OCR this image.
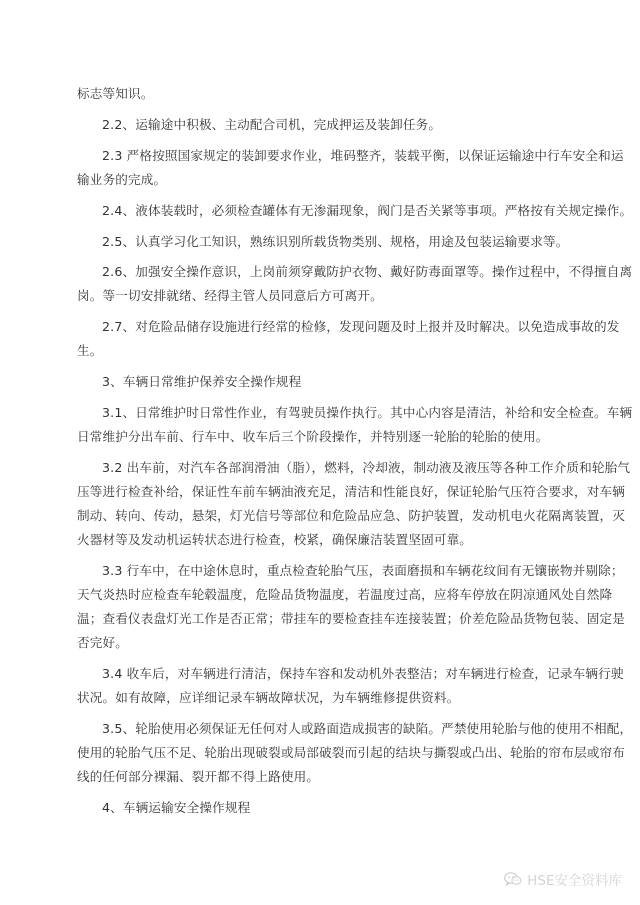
标志等知识。
2.2、运输途中积极、主动配合司机，完成押运及装卸任务。
2.3 严格按照国家规定的装卸要求作业，堆码整齐，装载平衡，以保证运输途中行车安全和运
输业务的完成。
2.4、液体装载时，必须检查罐体有无渗漏现象，阀门是否关紧等事项。严格按有关规定操作。
2.5、认真学习化工知识，熟练识别所载货物类别、规格，用途及包装运输要求等。
2.6、加强安全操作意识，上岗前须穿戴防护衣物、戴好防毒面罩等。操作过程中，不得擅自离
岗。等一切安排就绪、经得主管人员同意后方可离开。
2.7、对危险品储存设施进行经常的检修，发现问题及时上报并及时解决。以免造成事故的发
生。
3、车辆日常维护保养安全操作规程
3.1、日常维护时日常性作业，有驾驶员操作执行。其中心内容是清洁，补给和安全检查。车辆
日常维护分出车前、行车中、收车后三个阶段操作，并特别逐一轮胎的轮胎的使用。
3.2 出车前，对汽车各部润滑油（脂），燃料，冷却液，制动液及液压等各种工作介质和轮胎气
压等进行检查补给，保证性车前车辆油液充足，清洁和性能良好，保证轮胎气压符合要求，对车辆
制动、转向、传动，悬架，灯光信号等部位和危险品应急、防护装置，发动机电火花隔离装置，灭
火器材等及发动机运转状态进行检查，校紧，确保廉洁装置坚固可靠。
3.3 行车中，在中途休息时，重点检查轮胎气压，表面磨损和车辆花纹间有无镶嵌物并剔除；
天气炎热时应检查车轮毂温度，危险品货物温度，若温度过高，应将车停放在阴凉通风处自然降
温；查看仪表盘灯光工作是否正常；带挂车的要检查挂车连接装置；价差危险品货物包装、固定是
否完好。
3.4 收车后，对车辆进行清洁，保持车容和发动机外表整洁；对车辆进行检查，记录车辆行驶
状况。如有故障，应详细记录车辆故障状况，为车辆维修提供资料。
3.5、轮胎使用必须保证无任何对人或路面造成损害的缺陷。严禁使用轮胎与他的使用不相配，
使用的轮胎气压不足、轮胎出现破裂或局部破裂而引起的结块与撕裂或凸出、轮胎的帘布层或帘布
线的任何部分裸漏、裂开都不得上路使用。
4、车辆运输安全操作规程
HSE安全资料库
